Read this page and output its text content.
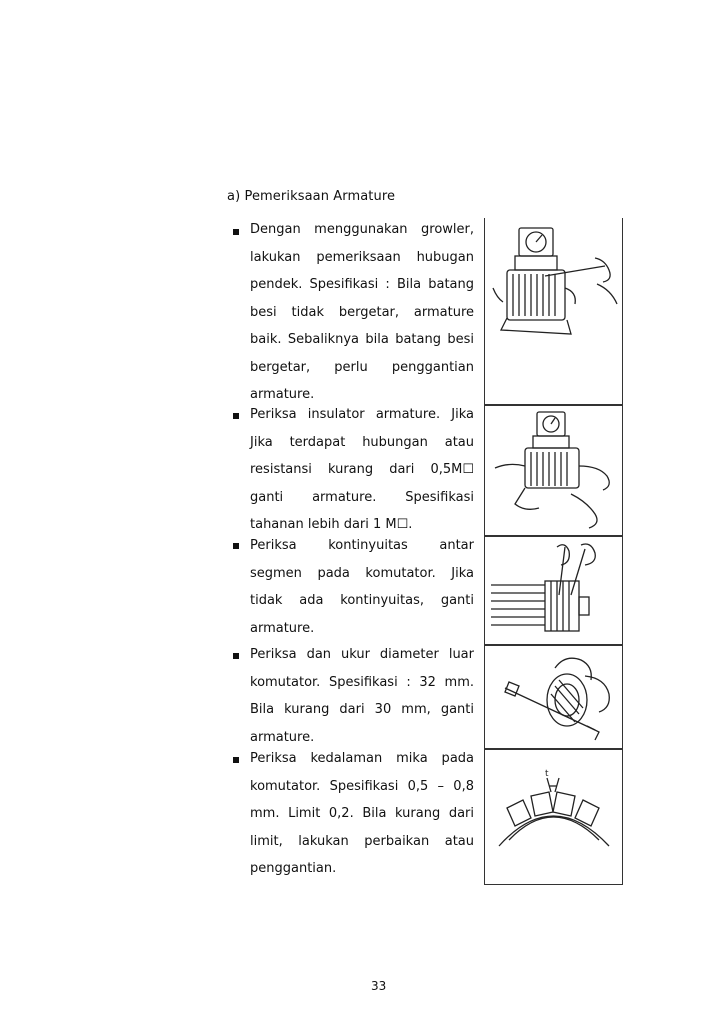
a) Pemeriksaan Armature
Dengan menggunakan growler, lakukan pemeriksaan hubugan pendek. Spesifikasi : Bila batang besi tidak bergetar, armature baik. Sebaliknya bila batang besi bergetar, perlu penggantian armature.
Periksa insulator armature. Jika Jika terdapat hubungan atau resistansi kurang dari 0,5M☐ ganti armature. Spesifikasi tahanan lebih dari 1 M☐.
Periksa kontinyuitas antar segmen pada komutator. Jika tidak ada kontinyuitas, ganti armature.
Periksa dan ukur diameter luar komutator. Spesifikasi : 32 mm. Bila kurang dari 30 mm, ganti armature.
Periksa kedalaman mika pada komutator. Spesifikasi 0,5 – 0,8 mm. Limit 0,2. Bila kurang dari limit, lakukan perbaikan atau penggantian.
t
33
